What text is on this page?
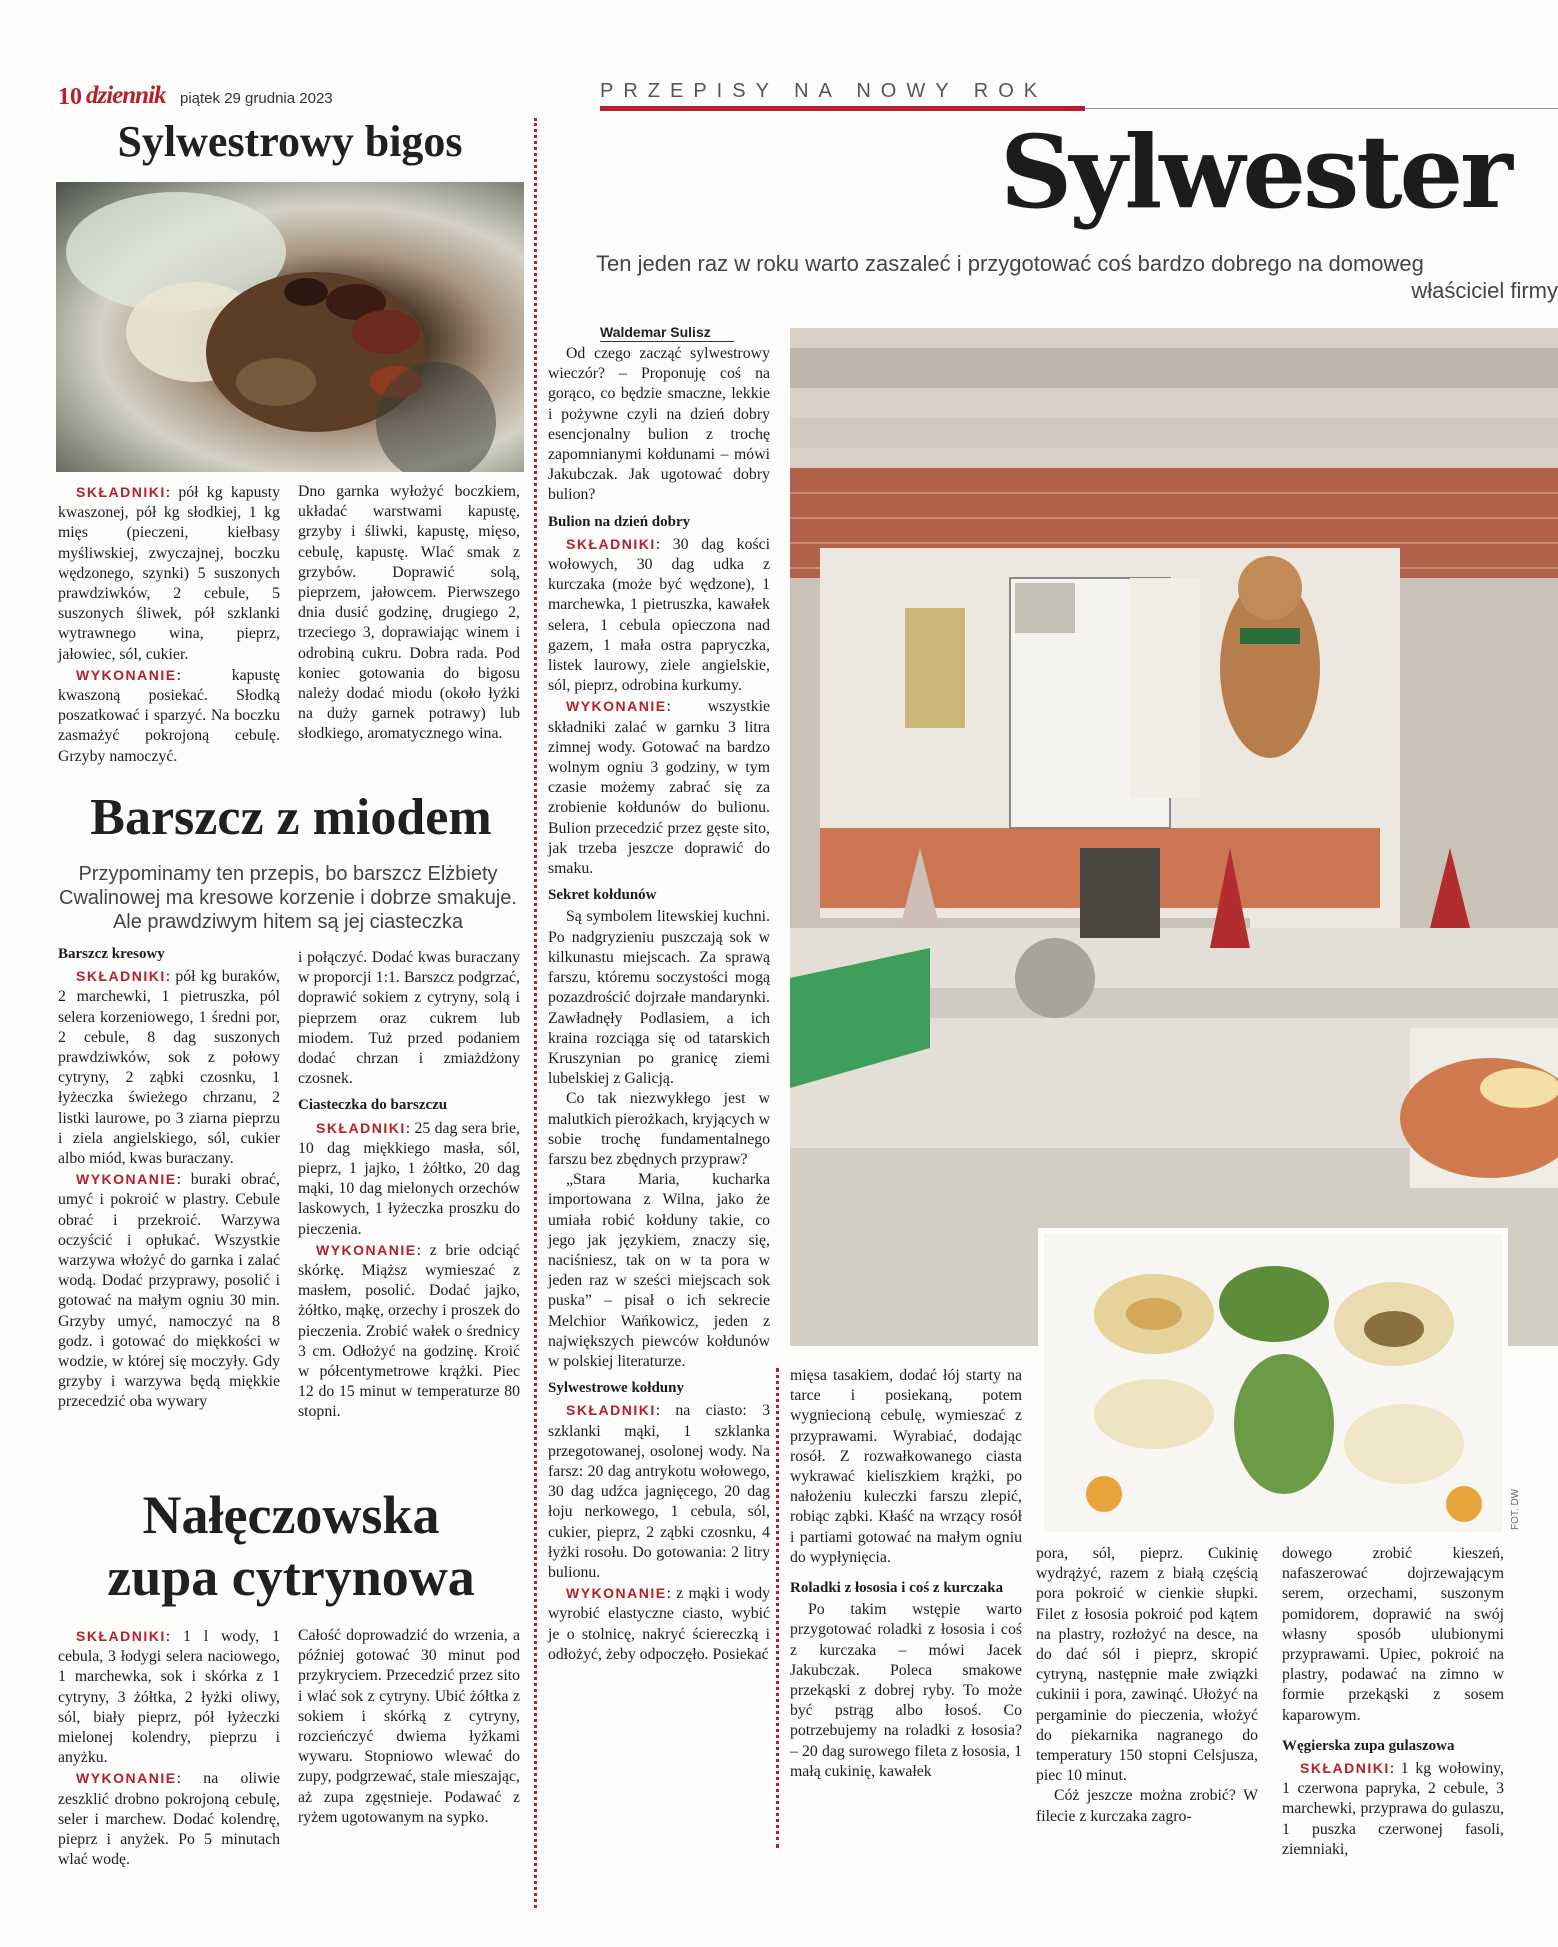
10 dziennik piątek 29 grudnia 2023	PRZEPISY NA NOWY ROK
Sylwestrowy bigos

SKŁADNIKI: pół kg kapusty kwaszonej, pół kg słodkiej, 1 kg mięs (pieczeni, kiełbasy myśliwskiej, zwyczajnej, boczku wędzonego, szynki) 5 suszonych prawdziwków, 2 cebule, 5 suszonych śliwek, pół szklanki wytrawnego wina, pieprz, jałowiec, sól, cukier.

WYKONANIE: kapustę kwaszoną posiekać. Słodką poszatkować i sparzyć. Na boczku zasmażyć pokrojoną cebulę. Grzyby namoczyć.

Dno garnka wyłożyć boczkiem, układać warstwami kapustę, grzyby i śliwki, kapustę, mięso, cebulę, kapustę. Wlać smak z grzybów. Doprawić solą, pieprzem, jałowcem. Pierwszego dnia dusić godzinę, drugiego 2, trzeciego 3, doprawiając winem i odrobiną cukru. Dobra rada. Pod koniec gotowania do bigosu należy dodać miodu (około łyżki na duży garnek potrawy) lub słodkiego, aromatycznego wina.

Barszcz z miodem
Przypominamy ten przepis, bo barszcz Elżbiety Cwalinowej ma kresowe korzenie i dobrze smakuje. Ale prawdziwym hitem są jej ciasteczka
Barszcz kresowy

SKŁADNIKI: pół kg buraków, 2 marchewki, 1 pietruszka, pól selera korzeniowego, 1 średni por, 2 cebule, 8 dag suszonych prawdziwków, sok z połowy cytryny, 2 ząbki czosnku, 1 łyżeczka świeżego chrzanu, 2 listki laurowe, po 3 ziarna pieprzu i ziela angielskiego, sól, cukier albo miód, kwas buraczany.

WYKONANIE: buraki obrać, umyć i pokroić w plastry. Cebule obrać i przekroić. Warzywa oczyścić i opłukać. Wszystkie warzywa włożyć do garnka i zalać wodą. Dodać przyprawy, posolić i gotować na małym ogniu 30 min. Grzyby umyć, namoczyć na 8 godz. i gotować do miękkości w wodzie, w której się moczyły. Gdy grzyby i warzywa będą miękkie przecedzić oba wywary

i połączyć. Dodać kwas buraczany w proporcji 1:1. Barszcz podgrzać, doprawić sokiem z cytryny, solą i pieprzem oraz cukrem lub miodem. Tuż przed podaniem dodać chrzan i zmiażdżony czosnek.

Ciasteczka do barszczu

SKŁADNIKI: 25 dag sera brie, 10 dag miękkiego masła, sól, pieprz, 1 jajko, 1 żółtko, 20 dag mąki, 10 dag mielonych orzechów laskowych, 1 łyżeczka proszku do pieczenia.

WYKONANIE: z brie odciąć skórkę. Miąższ wymieszać z masłem, posolić. Dodać jajko, żółtko, mąkę, orzechy i proszek do pieczenia. Zrobić wałek o średnicy 3 cm. Odłożyć na godzinę. Kroić w półcentymetrowe krążki. Piec 12 do 15 minut w temperaturze 80 stopni.

Nałęczowska
zupa cytrynowa

SKŁADNIKI: 1 l wody, 1 cebula, 3 łodygi selera naciowego, 1 marchewka, sok i skórka z 1 cytryny, 3 żółtka, 2 łyżki oliwy, sól, biały pieprz, pół łyżeczki mielonej kolendry, pieprzu i anyżku.

WYKONANIE: na oliwie zeszklić drobno pokrojoną cebulę, seler i marchew. Dodać kolendrę, pieprz i anyżek. Po 5 minutach wlać wodę.

Całość doprowadzić do wrzenia, a później gotować 30 minut pod przykryciem. Przecedzić przez sito i wlać sok z cytryny. Ubić żółtka z sokiem i skórką z cytryny, rozcieńczyć dwiema łyżkami wywaru. Stopniowo wlewać do zupy, podgrzewać, stale mieszając, aż zupa zgęstnieje. Podawać z ryżem ugotowanym na sypko.

Sylwester
Ten jeden raz w roku warto zaszaleć i przygotować coś bardzo dobrego na domoweg
właściciel firmy
Waldemar Sulisz

Od czego zacząć sylwestrowy wieczór? – Proponuję coś na gorąco, co będzie smaczne, lekkie i pożywne czyli na dzień dobry esencjonalny bulion z trochę zapomnianymi kołdunami – mówi Jakubczak. Jak ugotować dobry bulion?

Bulion na dzień dobry

SKŁADNIKI: 30 dag kości wołowych, 30 dag udka z kurczaka (może być wędzone), 1 marchewka, 1 pietruszka, kawałek selera, 1 cebula opieczona nad gazem, 1 mała ostra papryczka, listek laurowy, ziele angielskie, sól, pieprz, odrobina kurkumy.

WYKONANIE: wszystkie składniki zalać w garnku 3 litra zimnej wody. Gotować na bardzo wolnym ogniu 3 godziny, w tym czasie możemy zabrać się za zrobienie kołdunów do bulionu. Bulion przecedzić przez gęste sito, jak trzeba jeszcze doprawić do smaku.

Sekret kołdunów

Są symbolem litewskiej kuchni. Po nadgryzieniu puszczają sok w kilkunastu miejscach. Za sprawą farszu, któremu soczystości mogą pozazdrościć dojrzałe mandarynki. Zawładnęły Podlasiem, a ich kraina rozciąga się od tatarskich Kruszynian po granicę ziemi lubelskiej z Galicją.

Co tak niezwykłego jest w malutkich pierożkach, kryjących w sobie trochę fundamentalnego farszu bez zbędnych przypraw?

„Stara Maria, kucharka importowana z Wilna, jako że umiała robić kołduny takie, co jego jak językiem, znaczy się, naciśniesz, tak on w ta pora w jeden raz w sześci miejscach sok puska” – pisał o ich sekrecie Melchior Wańkowicz, jeden z największych piewców kołdunów w polskiej literaturze.

Sylwestrowe kołduny

SKŁADNIKI: na ciasto: 3 szklanki mąki, 1 szklanka przegotowanej, osolonej wody. Na farsz: 20 dag antrykotu wołowego, 30 dag udźca jagnięcego, 20 dag łoju nerkowego, 1 cebula, sól, cukier, pieprz, 2 ząbki czosnku, 4 łyżki rosołu. Do gotowania: 2 litry bulionu.

WYKONANIE: z mąki i wody wyrobić elastyczne ciasto, wybić je o stolnicę, nakryć ściereczką i odłożyć, żeby odpoczęło. Posiekać

FOT. DW

mięsa tasakiem, dodać łój starty na tarce i posiekaną, potem wygniecioną cebulę, wymieszać z przyprawami. Wyrabiać, dodając rosół. Z rozwałkowanego ciasta wykrawać kieliszkiem krążki, po nałożeniu kuleczki farszu zlepić, robiąc ząbki. Kłaść na wrzący rosół i partiami gotować na małym ogniu do wypłynięcia.

Roladki z łososia i coś z kurczaka

Po takim wstępie warto przygotować roladki z łososia i coś z kurczaka – mówi Jacek Jakubczak. Poleca smakowe przekąski z dobrej ryby. To może być pstrąg albo łosoś. Co potrzebujemy na roladki z łososia? – 20 dag surowego fileta z łososia, 1 małą cukinię, kawałek

pora, sól, pieprz. Cukinię wydrążyć, razem z białą częścią pora pokroić w cienkie słupki. Filet z łososia pokroić pod kątem na plastry, rozłożyć na desce, na do dać sól i pieprz, skropić cytryną, następnie małe związki cukinii i pora, zawinąć. Ułożyć na pergaminie do pieczenia, włożyć do piekarnika nagranego do temperatury 150 stopni Celsjusza, piec 10 minut.

Cóż jeszcze można zrobić? W filecie z kurczaka zagro-

dowego zrobić kieszeń, nafaszerować dojrzewającym serem, orzechami, suszonym pomidorem, doprawić na swój własny sposób ulubionymi przyprawami. Upiec, pokroić na plastry, podawać na zimno w formie przekąski z sosem kaparowym.

Węgierska zupa gulaszowa

SKŁADNIKI: 1 kg wołowiny, 1 czerwona papryka, 2 cebule, 3 marchewki, przyprawa do gulaszu, 1 puszka czerwonej fasoli, ziemniaki,
